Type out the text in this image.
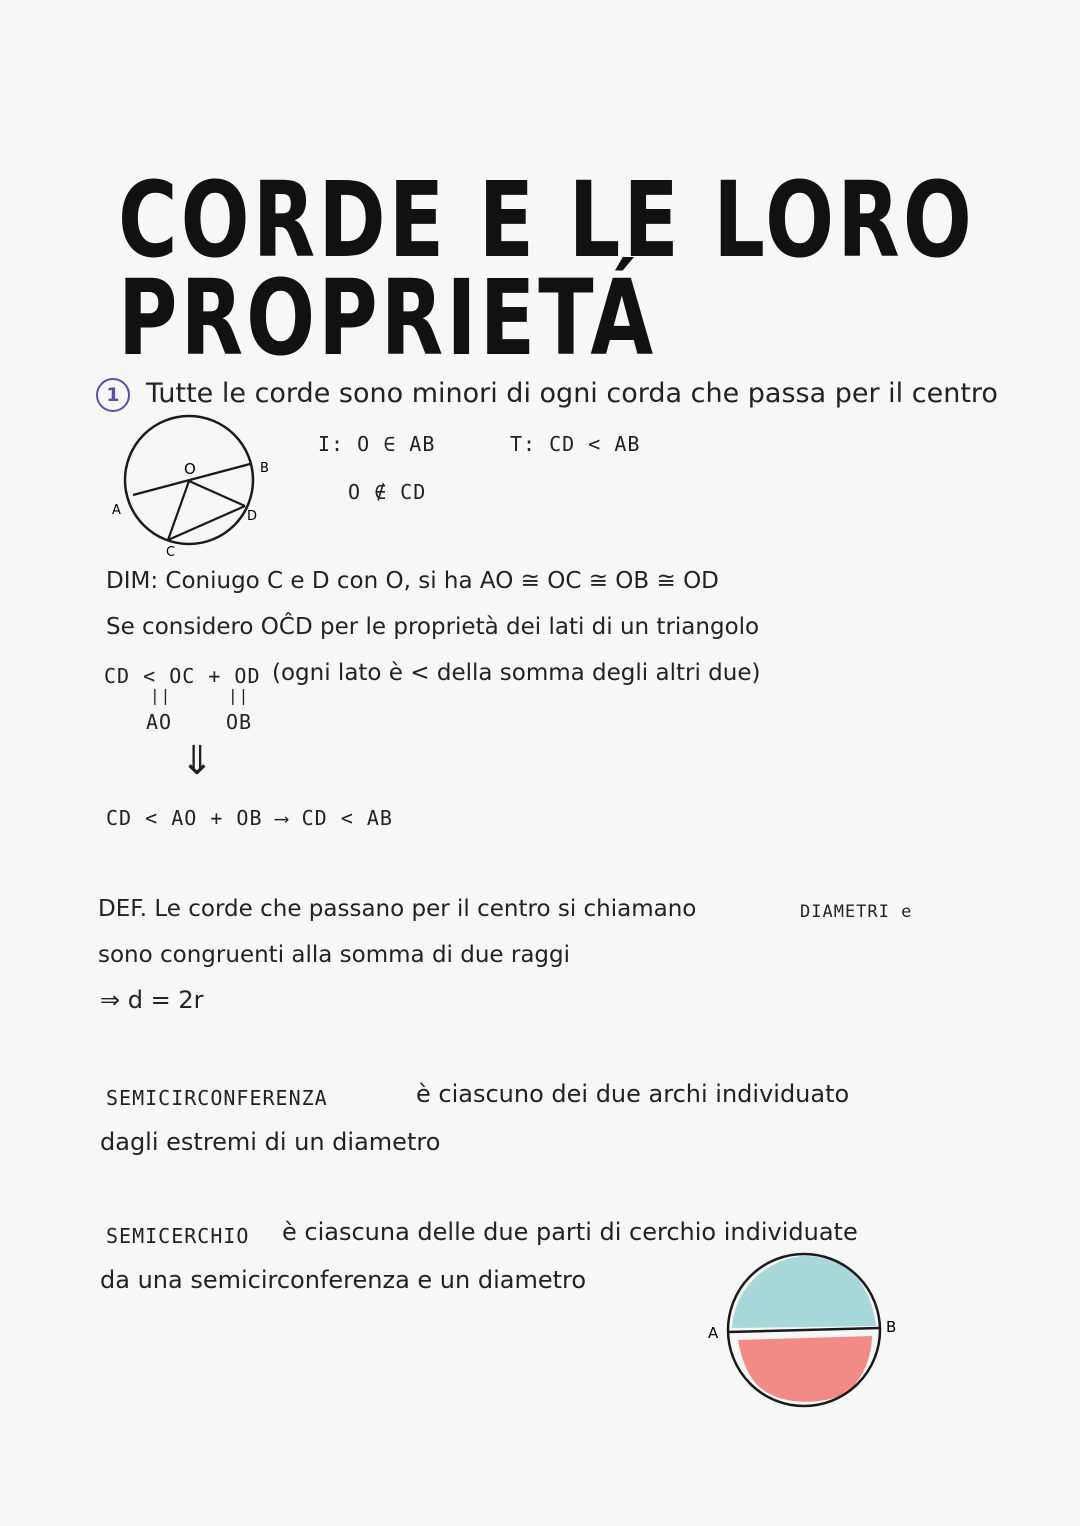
CORDE E LE LORO
PROPRIETÁ
1 Tutte le corde sono minori di ogni corda che passa per il centro
O
A
B
C
D
I: O ∈ AB
O ∉ CD
T: CD < AB
DIM: Coniugo C e D con O, si ha AO ≅ OC ≅ OB ≅ OD
Se considero OĈD per le proprietà dei lati di un triangolo
CD < OC + OD (ogni lato è < della somma degli altri due)
||	||
AO	OB
⇓
CD < AO + OB ⟶ CD < AB
DEF. Le corde che passano per il centro si chiamano	DIAMETRI e
sono congruenti alla somma di due raggi
⇒ d = 2r
SEMICIRCONFERENZA	è ciascuno dei due archi individuato
dagli estremi di un diametro
SEMICERCHIO è ciascuna delle due parti di cerchio individuate
da una semicirconferenza e un diametro
A	B
